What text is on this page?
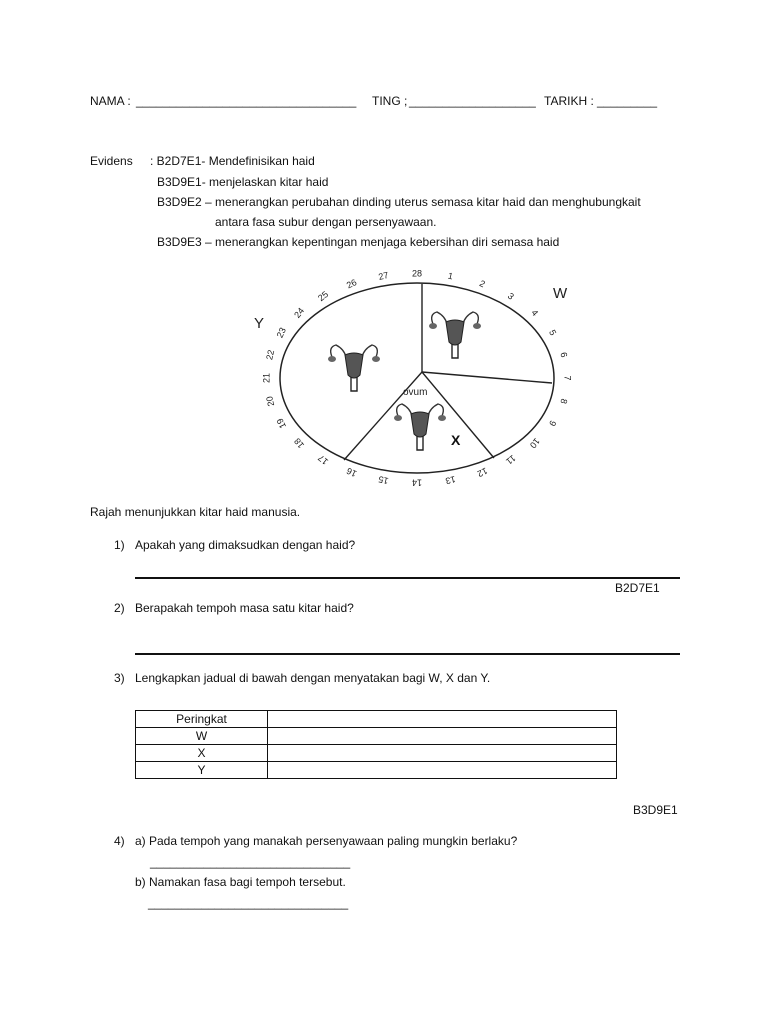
NAMA : _________________________________ TING ; ___________________ TARIKH : _________
Evidens : B2D7E1- Mendefinisikan haid
B3D9E1- menjelaskan kitar haid
B3D9E2 – menerangkan perubahan dinding uterus semasa kitar haid dan menghubungkait
antara fasa subur dengan persenyawaan.
B3D9E3 – menerangkan kepentingan menjaga kebersihan diri semasa haid
ovum
W
Y
X
1
2
3
4
5
6
7
8
9
10
11
12
13
14
15
16
17
18
19
20
21
22
23
24
25
26
27	28
Rajah menunjukkan kitar haid manusia.
1) Apakah yang dimaksudkan dengan haid?
B2D7E1
2) Berapakah tempoh masa satu kitar haid?
3) Lengkapkan jadual di bawah dengan menyatakan bagi W, X dan Y.
Peringkat	
W	
X	
Y	
B3D9E1
4) a) Pada tempoh yang manakah persenyawaan paling mungkin berlaku?
______________________________
b) Namakan fasa bagi tempoh tersebut.
______________________________
